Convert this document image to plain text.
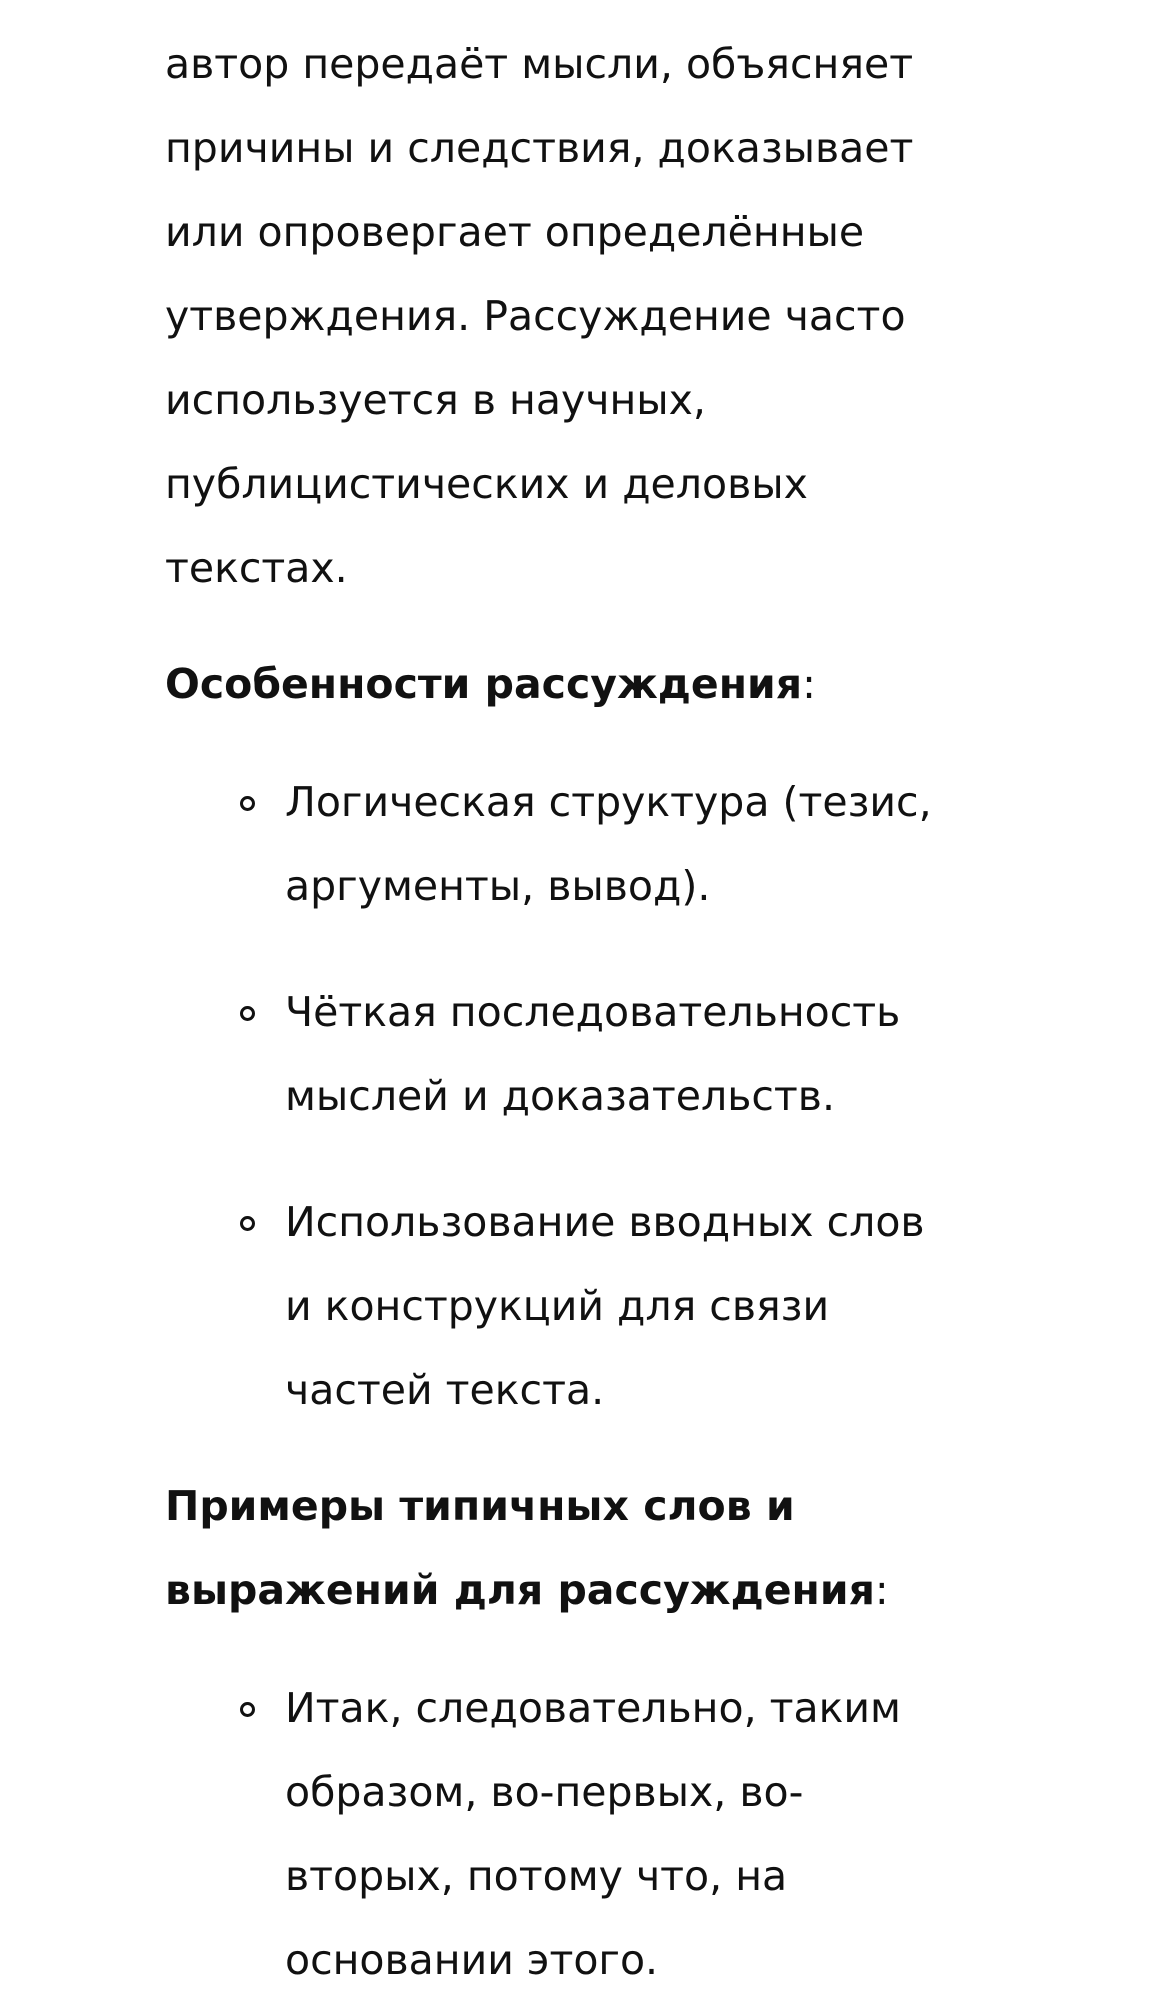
автор передаёт мысли, объясняет причины и следствия, доказывает или опровергает определённые утверждения. Рассуждение часто используется в научных, публицистических и деловых текстах.

Особенности рассуждения:

Логическая структура (тезис, аргументы, вывод).
Чёткая последовательность мыслей и доказательств.
Использование вводных слов и конструкций для связи частей текста.

Примеры типичных слов и выражений для рассуждения:

Итак, следовательно, таким образом, во-первых, во-вторых, потому что, на основании этого.
